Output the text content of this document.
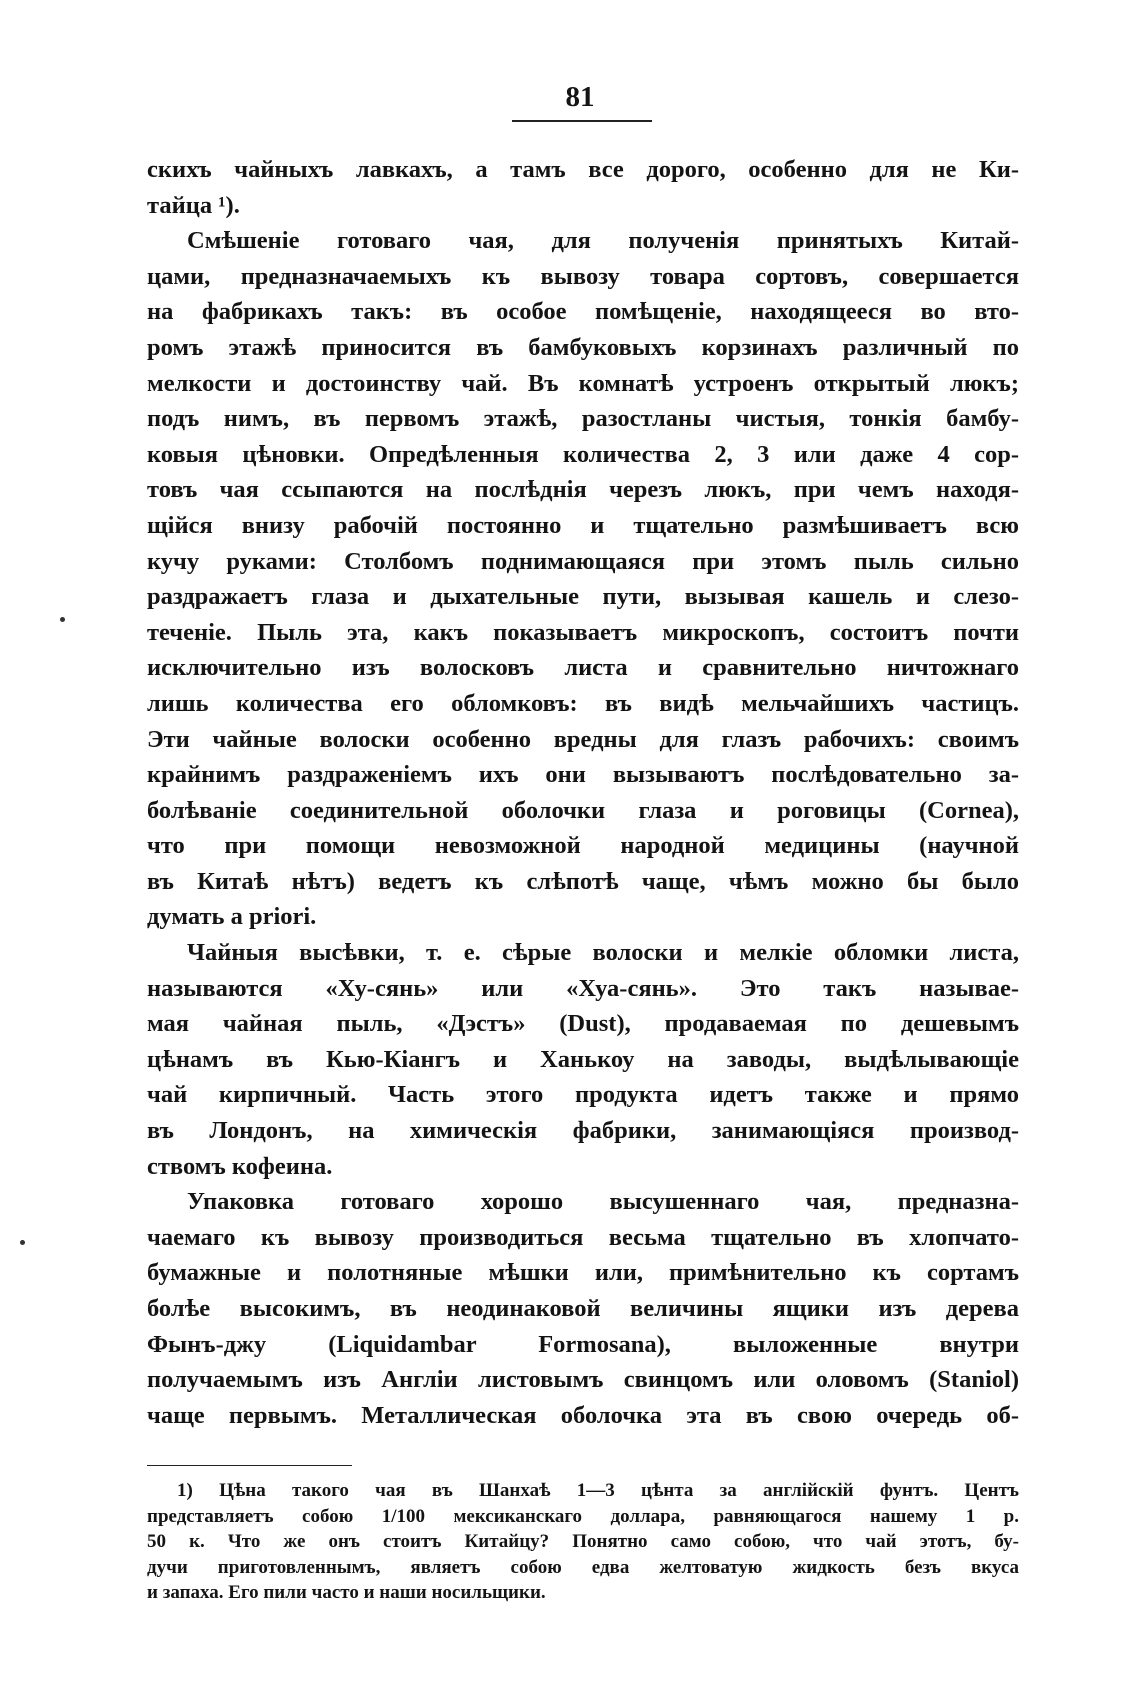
81
скихъ чайныхъ лавкахъ, а тамъ все дорого, особенно для не Ки-
тайца ¹).
Смѣшеніе готоваго чая, для полученія принятыхъ Китай-
цами, предназначаемыхъ къ вывозу товара сортовъ, совершается
на фабрикахъ такъ: въ особое помѣщеніе, находящееся во вто-
ромъ этажѣ приносится въ бамбуковыхъ корзинахъ различный по
мелкости и достоинству чай. Въ комнатѣ устроенъ открытый люкъ;
подъ нимъ, въ первомъ этажѣ, разостланы чистыя, тонкія бамбу-
ковыя цѣновки. Опредѣленныя количества 2, 3 или даже 4 сор-
товъ чая ссыпаются на послѣднія черезъ люкъ, при чемъ находя-
щійся внизу рабочій постоянно и тщательно размѣшиваетъ всю
кучу руками: Столбомъ поднимающаяся при этомъ пыль сильно
раздражаетъ глаза и дыхательные пути, вызывая кашель и слезо-
теченіе. Пыль эта, какъ показываетъ микроскопъ, состоитъ почти
исключительно изъ волосковъ листа и сравнительно ничтожнаго
лишь количества его обломковъ: въ видѣ мельчайшихъ частицъ.
Эти чайные волоски особенно вредны для глазъ рабочихъ: своимъ
крайнимъ раздраженіемъ ихъ они вызываютъ послѣдовательно за-
болѣваніе соединительной оболочки глаза и роговицы (Cornea),
что при помощи невозможной народной медицины (научной
въ Китаѣ нѣтъ) ведетъ къ слѣпотѣ чаще, чѣмъ можно бы было
думать a priori.
Чайныя высѣвки, т. е. сѣрые волоски и мелкіе обломки листа,
называются «Ху-сянь» или «Хуа-сянь». Это такъ называе-
мая чайная пыль, «Дэстъ» (Dust), продаваемая по дешевымъ
цѣнамъ въ Кью-Кіангъ и Ханькоу на заводы, выдѣлывающіе
чай кирпичный. Часть этого продукта идетъ также и прямо
въ Лондонъ, на химическія фабрики, занимающіяся производ-
ствомъ кофеина.
Упаковка готоваго хорошо высушеннаго чая, предназна-
чаемаго къ вывозу производиться весьма тщательно въ хлопчато-
бумажные и полотняные мѣшки или, примѣнительно къ сортамъ
болѣе высокимъ, въ неодинаковой величины ящики изъ дерева
Фынъ-джу (Liquidambar Formosana), выложенные внутри
получаемымъ изъ Англіи листовымъ свинцомъ или оловомъ (Staniol)
чаще первымъ. Металлическая оболочка эта въ свою очередь об-
1) Цѣна такого чая въ Шанхаѣ 1—3 цѣнта за англійскій фунтъ. Центъ
представляетъ собою 1/100 мексиканскаго доллара, равняющагося нашему 1 р.
50 к. Что же онъ стоитъ Китайцу? Понятно само собою, что чай этотъ, бу-
дучи приготовленнымъ, являетъ собою едва желтоватую жидкость безъ вкуса
и запаха. Его пили часто и наши носильщики.
